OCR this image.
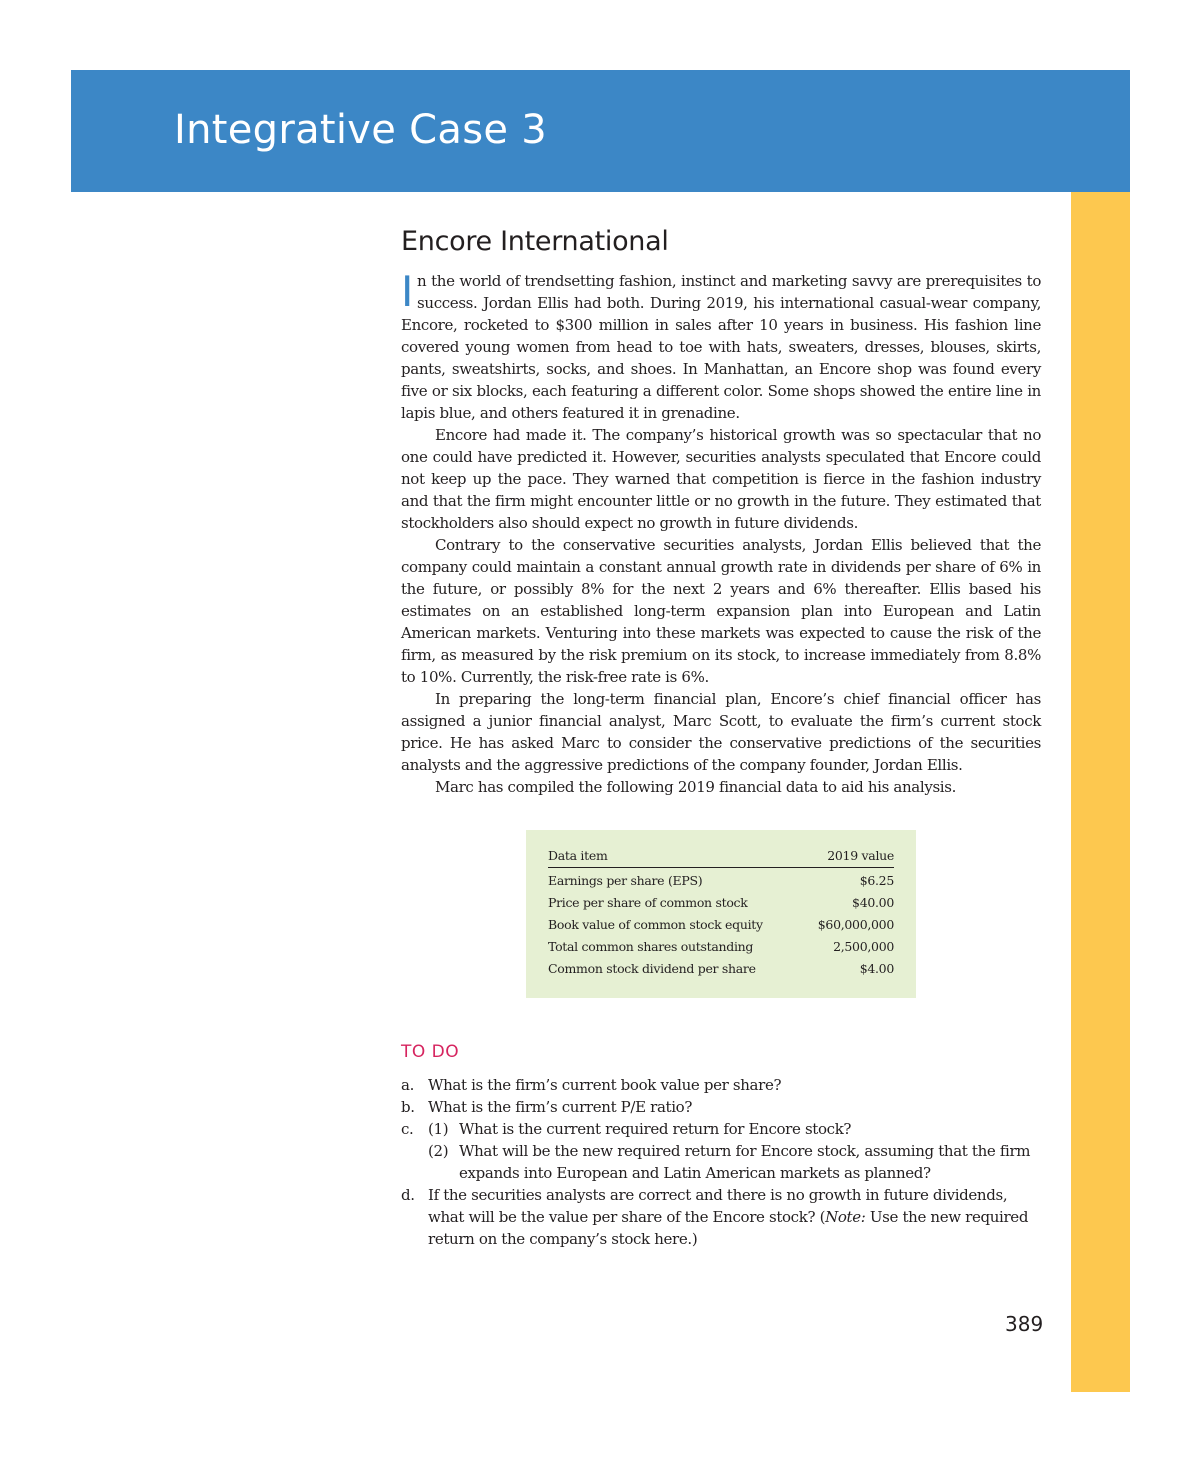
Integrative Case 3
Encore International

In the world of trendsetting fashion, instinct and marketing savvy are prerequisites to success. Jordan Ellis had both. During 2019, his international casual-wear company, Encore, rocketed to $300 million in sales after 10 years in business. His fashion line covered young women from head to toe with hats, sweaters, dresses, blouses, skirts, pants, sweatshirts, socks, and shoes. In Manhattan, an Encore shop was found every five or six blocks, each featuring a different color. Some shops showed the entire line in lapis blue, and others featured it in grenadine.

Encore had made it. The company’s historical growth was so spectacular that no one could have predicted it. However, securities analysts speculated that Encore could not keep up the pace. They warned that competition is fierce in the fashion industry and that the firm might encounter little or no growth in the future. They estimated that stockholders also should expect no growth in future dividends.

Contrary to the conservative securities analysts, Jordan Ellis believed that the company could maintain a constant annual growth rate in dividends per share of 6% in the future, or possibly 8% for the next 2 years and 6% thereafter. Ellis based his estimates on an established long-term expansion plan into European and Latin American markets. Venturing into these markets was expected to cause the risk of the firm, as measured by the risk premium on its stock, to increase immediately from 8.8% to 10%. Currently, the risk-free rate is 6%.

In preparing the long-term financial plan, Encore’s chief financial officer has assigned a junior financial analyst, Marc Scott, to evaluate the firm’s current stock price. He has asked Marc to consider the conservative predictions of the securities analysts and the aggressive predictions of the company founder, Jordan Ellis.

Marc has compiled the following 2019 financial data to aid his analysis.

Data item	2019 value
Earnings per share (EPS)	$6.25
Price per share of common stock	$40.00
Book value of common stock equity	$60,000,000
Total common shares outstanding	2,500,000
Common stock dividend per share	$4.00
TO DO
a. What is the firm’s current book value per share?
b. What is the firm’s current P/E ratio?
c. (1) What is the current required return for Encore stock?
(2) What will be the new required return for Encore stock, assuming that the firm expands into European and Latin American markets as planned?
d. If the securities analysts are correct and there is no growth in future dividends, what will be the value per share of the Encore stock? (Note: Use the new required return on the company’s stock here.)
389
